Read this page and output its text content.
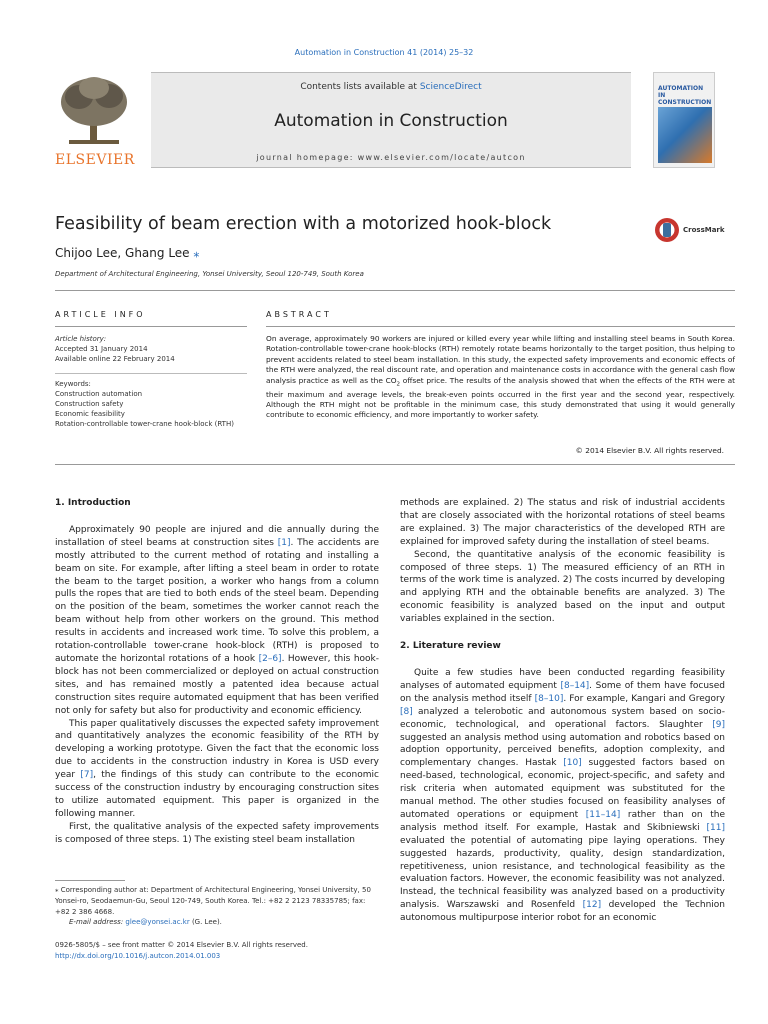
Automation in Construction 41 (2014) 25–32
ELSEVIER
Contents lists available at ScienceDirect
Automation in Construction
journal homepage: www.elsevier.com/locate/autcon
AUTOMATION IN CONSTRUCTION
Feasibility of beam erection with a motorized hook-block	CrossMark
Chijoo Lee, Ghang Lee ⁎
Department of Architectural Engineering, Yonsei University, Seoul 120-749, South Korea
ARTICLE INFO	ABSTRACT
Article history:
Accepted 31 January 2014
Available online 22 February 2014
Keywords:
Construction automation
Construction safety
Economic feasibility
Rotation-controllable tower-crane hook-block (RTH)
On average, approximately 90 workers are injured or killed every year while lifting and installing steel beams in South Korea. Rotation-controllable tower-crane hook-blocks (RTH) remotely rotate beams horizontally to the target position, thus helping to prevent accidents related to steel beam installation. In this study, the expected safety improvements and economic effects of the RTH were analyzed, the real discount rate, and operation and maintenance costs in accordance with the general cash flow analysis practice as well as the $CO_2$ offset price. The results of the analysis showed that when the effects of the RTH were at their maximum and average levels, the break-even points occurred in the first year and the second year, respectively. Although the RTH might not be profitable in the minimum case, this study demonstrated that using it would generally contribute to economic efficiency, and more importantly to worker safety.
© 2014 Elsevier B.V. All rights reserved.
1. Introduction

Approximately 90 people are injured and die annually during the installation of steel beams at construction sites [1]. The accidents are mostly attributed to the current method of rotating and installing a beam on site. For example, after lifting a steel beam in order to rotate the beam to the target position, a worker who hangs from a column pulls the ropes that are tied to both ends of the steel beam. Depending on the position of the beam, sometimes the worker cannot reach the beam without help from other workers on the ground. This method results in accidents and increased work time. To solve this problem, a rotation-controllable tower-crane hook-block (RTH) is proposed to automate the horizontal rotations of a hook [2–6]. However, this hook-block has not been commercialized or deployed on actual construction sites, and has remained mostly a patented idea because actual construction sites require automated equipment that has been verified not only for safety but also for productivity and economic efficiency.

This paper qualitatively discusses the expected safety improvement and quantitatively analyzes the economic feasibility of the RTH by developing a working prototype. Given the fact that the economic loss due to accidents in the construction industry in Korea is USD every year [7], the findings of this study can contribute to the economic success of the construction industry by encouraging construction sites to utilize automated equipment. This paper is organized in the following manner.

First, the qualitative analysis of the expected safety improvements is composed of three steps. 1) The existing steel beam installation

methods are explained. 2) The status and risk of industrial accidents that are closely associated with the horizontal rotations of steel beams are explained. 3) The major characteristics of the developed RTH are explained for improved safety during the installation of steel beams.

Second, the quantitative analysis of the economic feasibility is composed of three steps. 1) The measured efficiency of an RTH in terms of the work time is analyzed. 2) The costs incurred by developing and applying RTH and the obtainable benefits are analyzed. 3) The economic feasibility is analyzed based on the input and output variables explained in the section.

2. Literature review

Quite a few studies have been conducted regarding feasibility analyses of automated equipment [8–14]. Some of them have focused on the analysis method itself [8–10]. For example, Kangari and Gregory [8] analyzed a telerobotic and autonomous system based on socio-economic, technological, and operational factors. Slaughter [9] suggested an analysis method using automation and robotics based on adoption opportunity, perceived benefits, adoption complexity, and complementary changes. Hastak [10] suggested factors based on need-based, technological, economic, project-specific, and safety and risk criteria when automated equipment was substituted for the manual method. The other studies focused on feasibility analyses of automated operations or equipment [11–14] rather than on the analysis method itself. For example, Hastak and Skibniewski [11] evaluated the potential of automating pipe laying operations. They suggested hazards, productivity, quality, design standardization, repetitiveness, union resistance, and technological feasibility as the evaluation factors. However, the economic feasibility was not analyzed. Instead, the technical feasibility was analyzed based on a productivity analysis. Warszawski and Rosenfeld [12] developed the Technion autonomous multipurpose interior robot for an economic

⁎ Corresponding author at: Department of Architectural Engineering, Yonsei University, 50 Yonsei-ro, Seodaemun-Gu, Seoul 120-749, South Korea. Tel.: +82 2 2123 78335785; fax: +82 2 386 4668.
E-mail address: glee@yonsei.ac.kr (G. Lee).
0926-5805/$ – see front matter © 2014 Elsevier B.V. All rights reserved.
http://dx.doi.org/10.1016/j.autcon.2014.01.003
